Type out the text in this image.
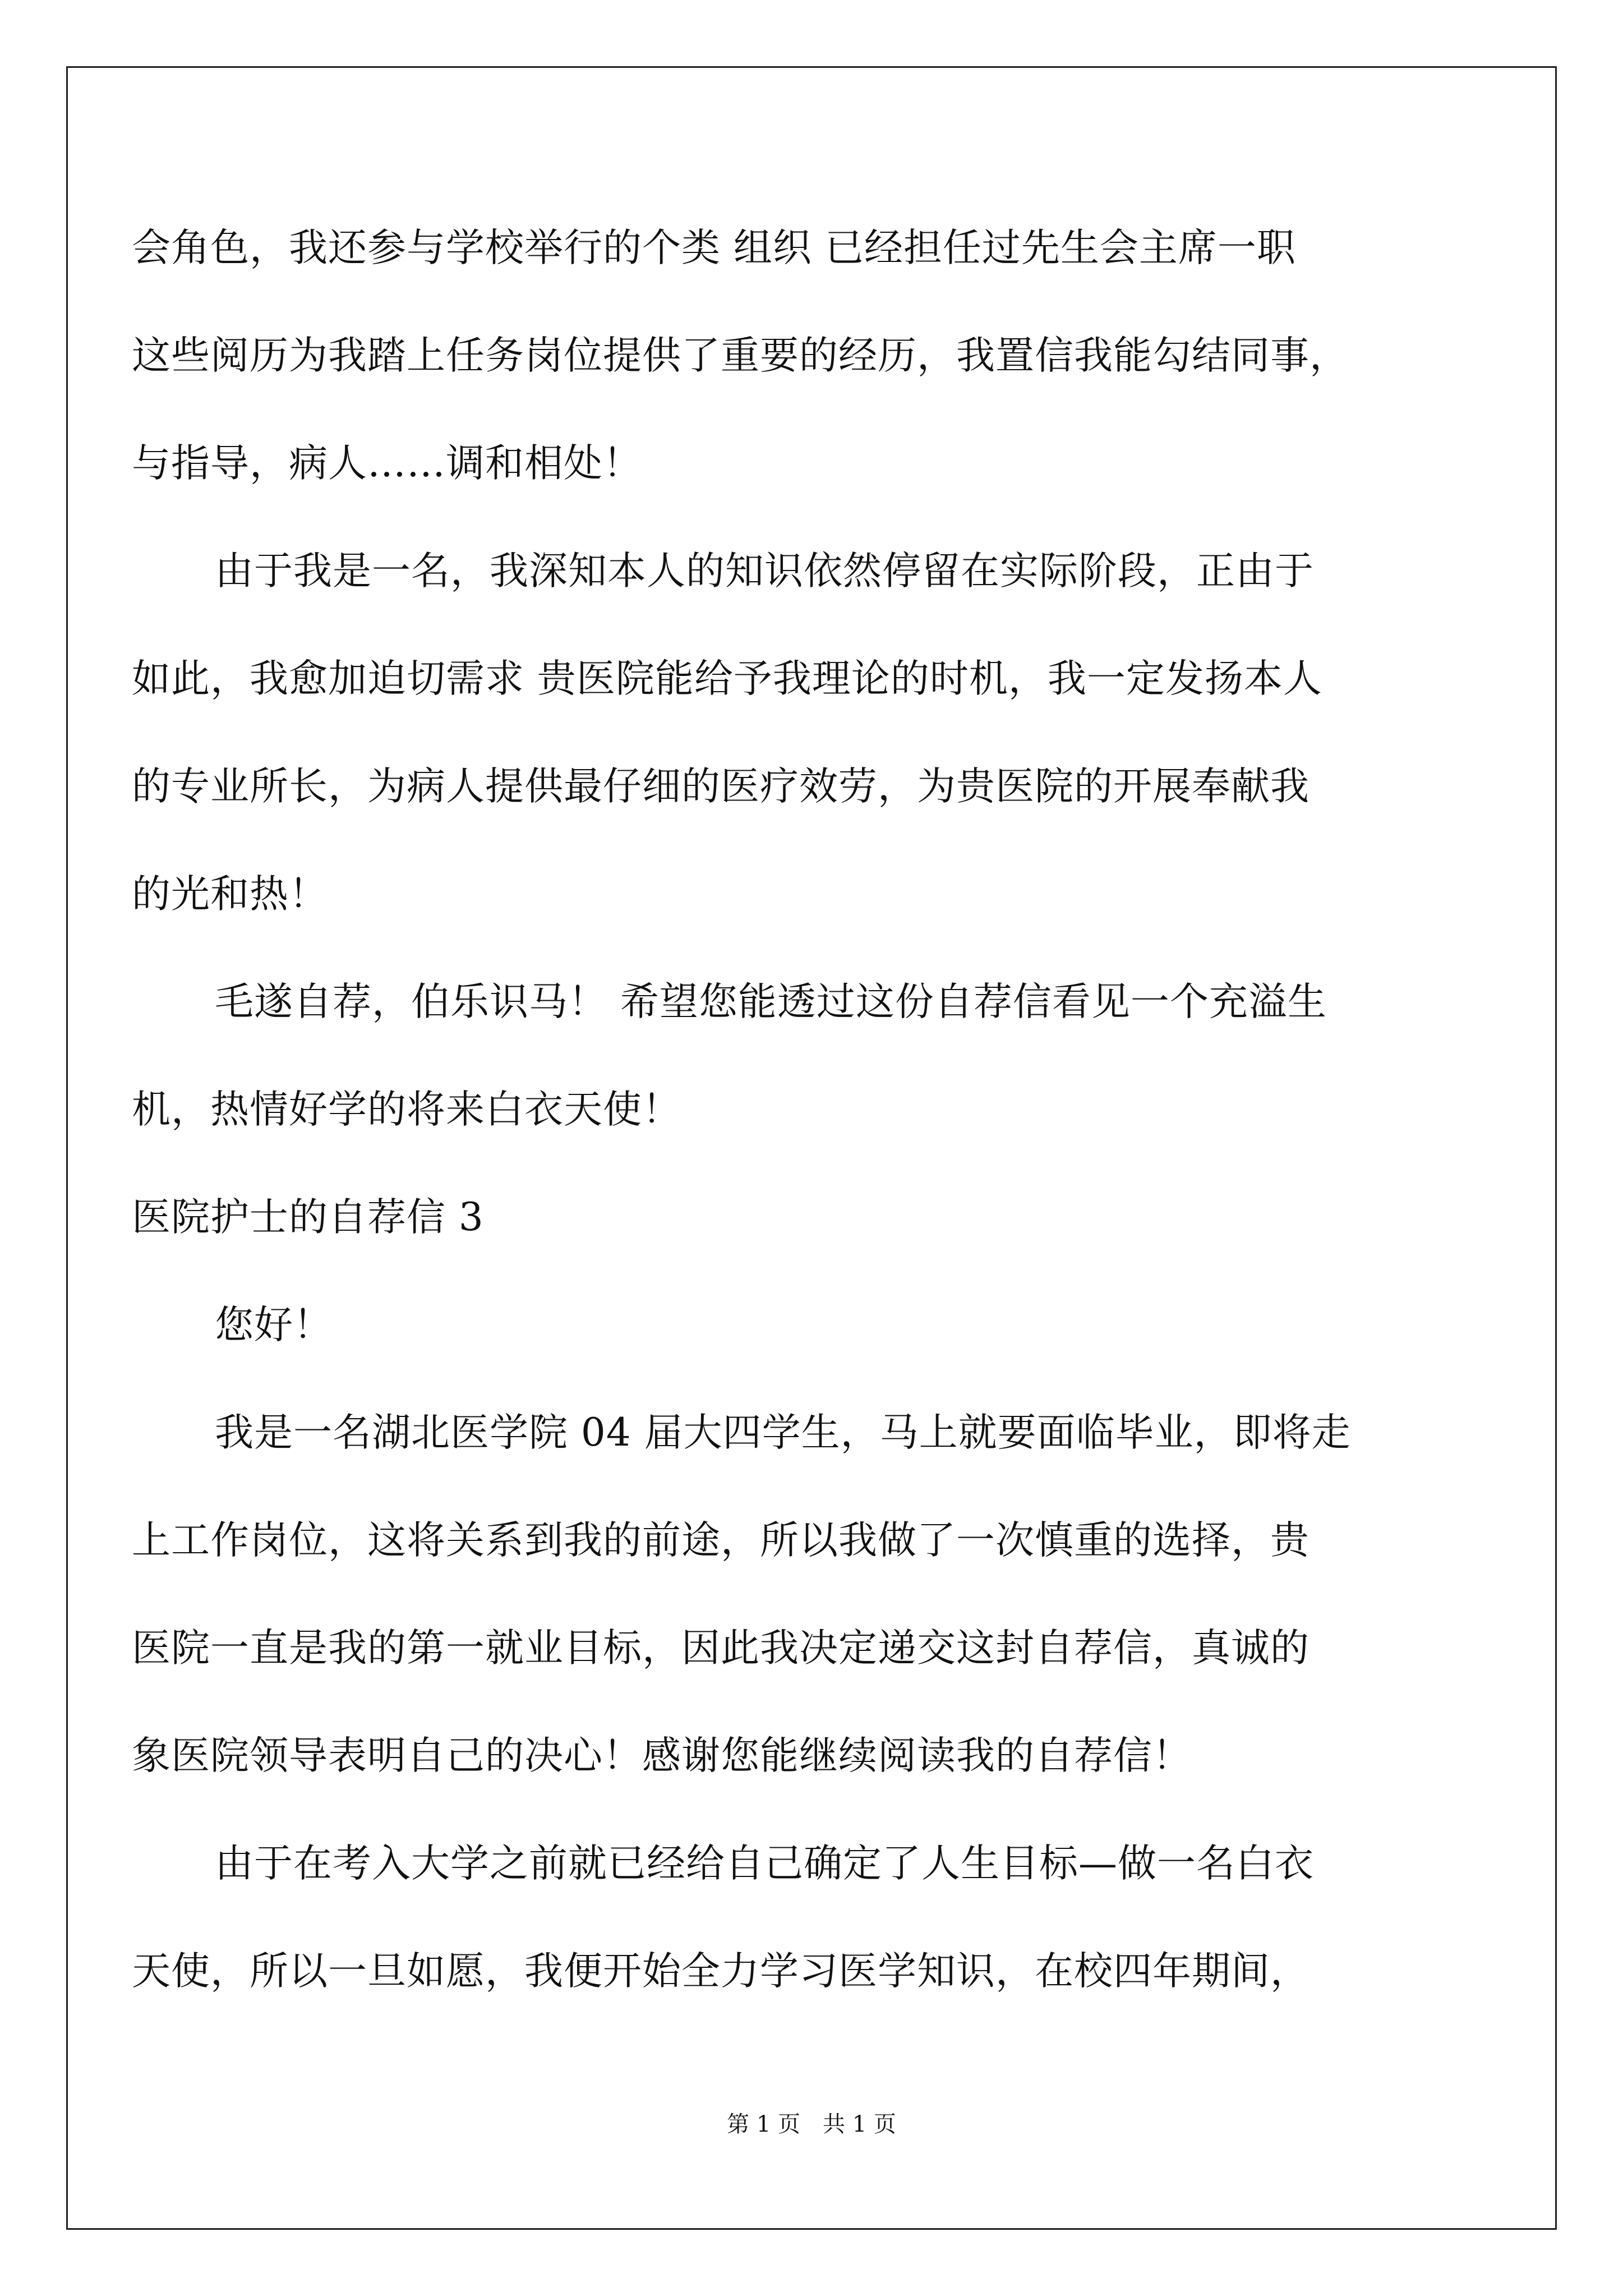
会角色，我还参与学校举行的个类 组织 已经担任过先生会主席一职
这些阅历为我踏上任务岗位提供了重要的经历，我置信我能勾结同事，
与指导，病人……调和相处！
由于我是一名，我深知本人的知识依然停留在实际阶段，正由于
如此，我愈加迫切需求 贵医院能给予我理论的时机，我一定发扬本人
的专业所长，为病人提供最仔细的医疗效劳，为贵医院的开展奉献我
的光和热！
毛遂自荐，伯乐识马！ 希望您能透过这份自荐信看见一个充溢生
机，热情好学的将来白衣天使！
医院护士的自荐信 3
您好！
我是一名湖北医学院 04 届大四学生，马上就要面临毕业，即将走
上工作岗位，这将关系到我的前途，所以我做了一次慎重的选择，贵
医院一直是我的第一就业目标，因此我决定递交这封自荐信，真诚的
象医院领导表明自己的决心！感谢您能继续阅读我的自荐信！
由于在考入大学之前就已经给自己确定了人生目标—做一名白衣
天使，所以一旦如愿，我便开始全力学习医学知识，在校四年期间，
第 1 页　共 1 页
